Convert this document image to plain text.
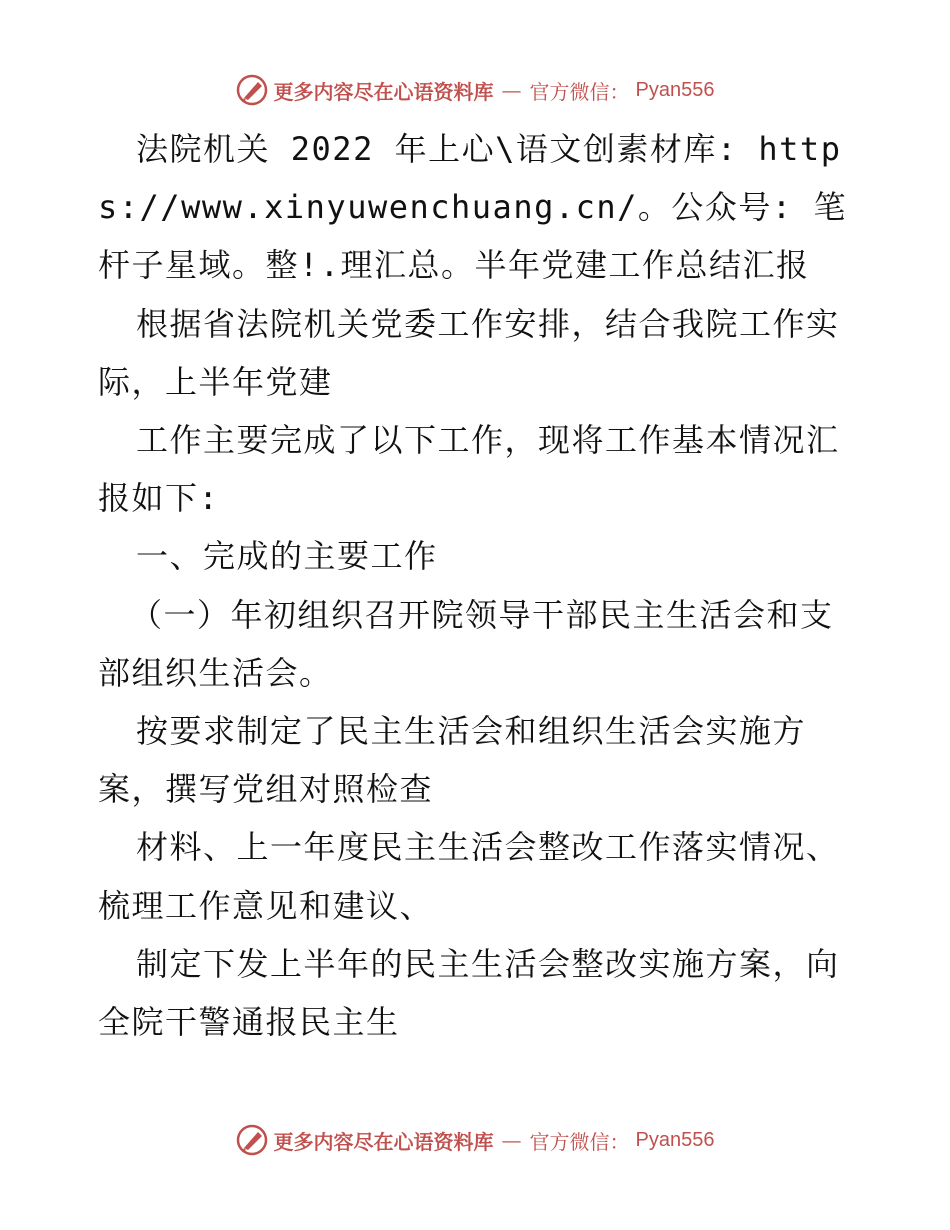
更多内容尽在心语资料库 — 官方微信： Pyan556

法院机关 2022 年上心\语文创素材库: https://www.xinyuwenchuang.cn/。公众号: 笔杆子星域。整!.理汇总。半年党建工作总结汇报

根据省法院机关党委工作安排，结合我院工作实际，上半年党建

工作主要完成了以下工作，现将工作基本情况汇报如下:

一、完成的主要工作

（一）年初组织召开院领导干部民主生活会和支部组织生活会。

按要求制定了民主生活会和组织生活会实施方案，撰写党组对照检查

材料、上一年度民主生活会整改工作落实情况、梳理工作意见和建议、

制定下发上半年的民主生活会整改实施方案，向全院干警通报民主生

更多内容尽在心语资料库 — 官方微信： Pyan556
